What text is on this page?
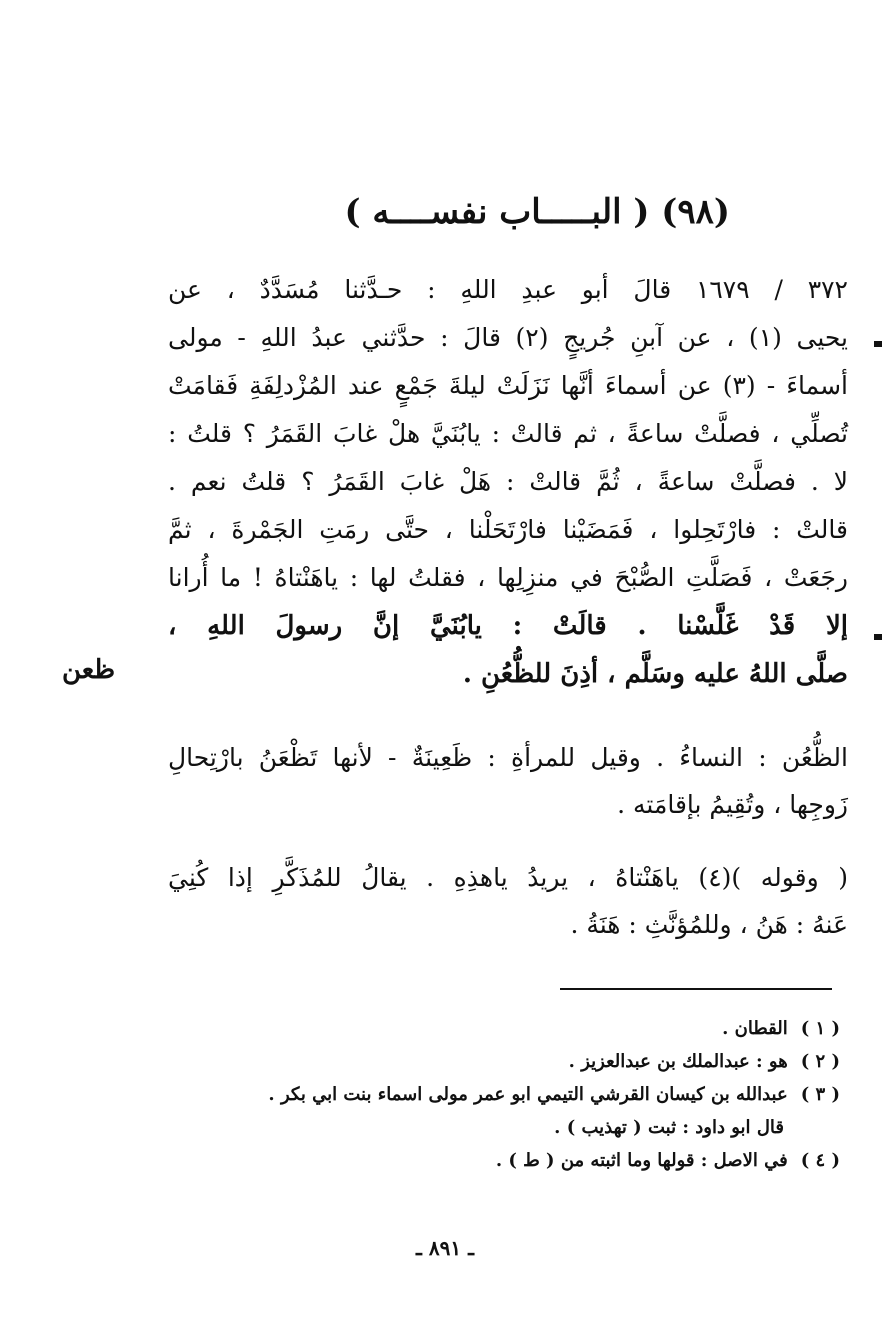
(٩٨) ( البـــــاب نفســــه )
٣٧٢ / ١٦٧٩ قالَ أبو عبدِ اللهِ : حـدَّثنا مُسَدَّدٌ ، عن
يحيى (١) ، عن آبنِ جُريجٍ (٢) قالَ : حدَّثني عبدُ اللهِ - مولى
أسماءَ - (٣) عن أسماءَ أنَّها نَزَلَتْ ليلةَ جَمْعٍ عند المُزْدلِفَةِ فَقامَتْ
تُصلِّي ، فصلَّتْ ساعةً ، ثم قالتْ : يابُنَيَّ هلْ غابَ القَمَرُ ؟ قلتُ :
لا . فصلَّتْ ساعةً ، ثُمَّ قالتْ : هَلْ غابَ القَمَرُ ؟ قلتُ نعم .
قالتْ : فارْتَحِلوا ، فَمَضَيْنا فارْتَحَلْنا ، حتَّى رمَتِ الجَمْرةَ ، ثمَّ
رجَعَتْ ، فَصَلَّتِ الصُّبْحَ في منزِلِها ، فقلتُ لها : ياهَنْتاهُ ! ما أُرانا
إلا قَدْ غَلَّسْنا . قالَتْ : يابُنَيَّ إنَّ رسولَ اللهِ ،
صلَّى اللهُ عليه وسَلَّم ، أذِنَ للظُّعُنِ .
ظعن
الظُّعُن : النساءُ . وقيل للمرأةِ : ظَعِينَةٌ - لأنها تَظْعَنُ بارْتِحالِ
زَوجِها ، وتُقِيمُ بإقامَته .
( وقوله )(٤) ياهَنْتاهُ ، يريدُ ياهذِهِ . يقالُ للمُذَكَّرِ إذا كُنِيَ
عَنهُ : هَنُ ، وللمُؤنَّثِ : هَنَةُ .
( ١ ) القطان .
( ٢ ) هو : عبدالملك بن عبدالعزيز .
( ٣ ) عبدالله بن كيسان القرشي التيمي ابو عمر مولى اسماء بنت ابي بكر .
قال ابو داود : ثبت ( تهذيب ) .
( ٤ ) في الاصل : قولها وما اثبته من ( ط ) .
ـ ٨٩١ ـ
